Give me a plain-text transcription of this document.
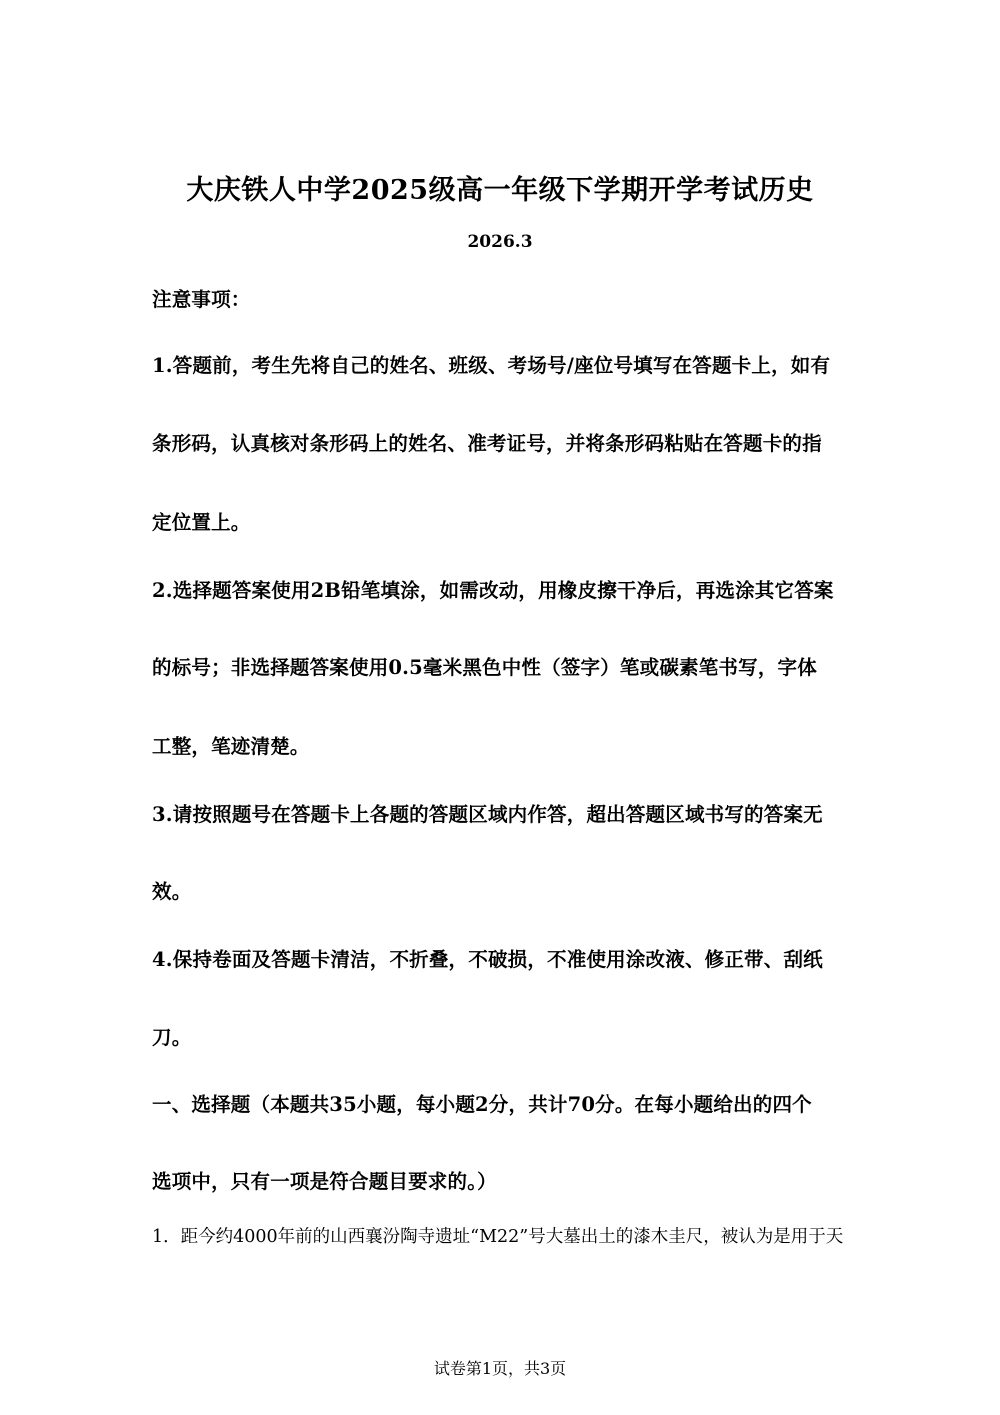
大庆铁人中学2025级高一年级下学期开学考试历史
2026.3
注意事项：
1.答题前，考生先将自己的姓名、班级、考场号/座位号填写在答题卡上，如有
条形码，认真核对条形码上的姓名、准考证号，并将条形码粘贴在答题卡的指
定位置上。
2.选择题答案使用2B铅笔填涂，如需改动，用橡皮擦干净后，再选涂其它答案
的标号；非选择题答案使用0.5毫米黑色中性（签字）笔或碳素笔书写，字体
工整，笔迹清楚。
3.请按照题号在答题卡上各题的答题区域内作答，超出答题区域书写的答案无
效。
4.保持卷面及答题卡清洁，不折叠，不破损，不准使用涂改液、修正带、刮纸
刀。
一、选择题（本题共35小题，每小题2分，共计70分。在每小题给出的四个
选项中，只有一项是符合题目要求的。）
1．距今约4000年前的山西襄汾陶寺遗址“M22”号大墓出土的漆木圭尺，被认为是用于天
试卷第1页，共3页
